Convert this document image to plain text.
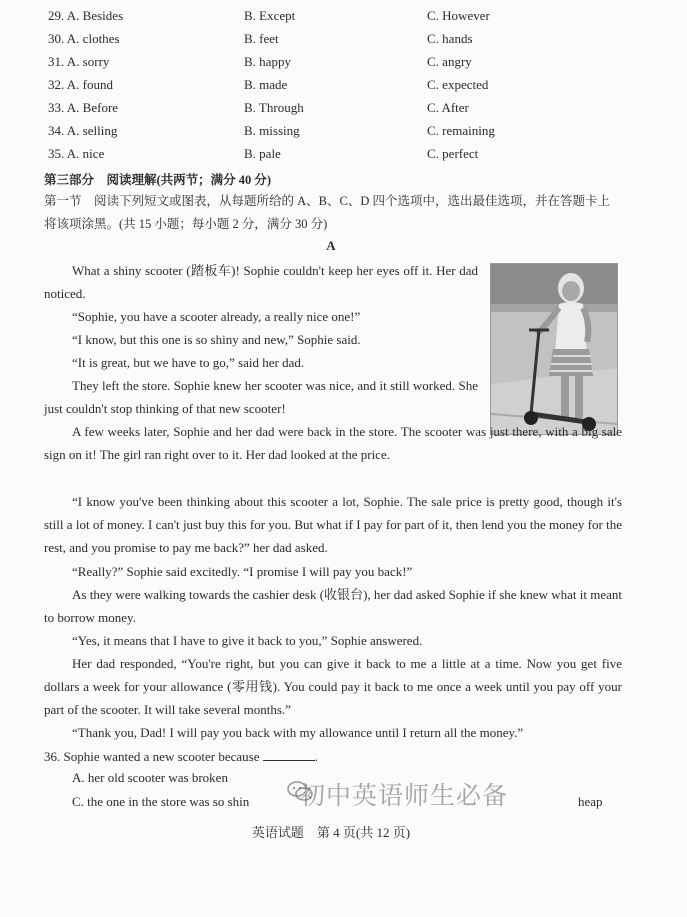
29. A. Besides	B. Except	C. However
30. A. clothes	B. feet	C. hands
31. A. sorry	B. happy	C. angry
32. A. found	B. made	C. expected
33. A. Before	B. Through	C. After
34. A. selling	B. missing	C. remaining
35. A. nice	B. pale	C. perfect
第三部分　阅读理解(共两节；满分 40 分)
第一节　阅读下列短文或图表，从每题所给的 A、B、C、D 四个选项中，选出最佳选项，并在答题卡上将该项涂黑。(共 15 小题；每小题 2 分，满分 30 分)
A
What a shiny scooter (踏板车)! Sophie couldn't keep her eyes off it. Her dad noticed.
“Sophie, you have a scooter already, a really nice one!”
“I know, but this one is so shiny and new,” Sophie said.
“It is great, but we have to go,” said her dad.
They left the store. Sophie knew her scooter was nice, and it still worked. She just couldn't stop thinking of that new scooter!
A few weeks later, Sophie and her dad were back in the store. The scooter was just there, with a big sale sign on it! The girl ran right over to it. Her dad looked at the price.
“I know you've been thinking about this scooter a lot, Sophie. The sale price is pretty good, though it's still a lot of money. I can't just buy this for you. But what if I pay for part of it, then lend you the money for the rest, and you promise to pay me back?” her dad asked.
“Really?” Sophie said excitedly. “I promise I will pay you back!”
As they were walking towards the cashier desk (收银台), her dad asked Sophie if she knew what it meant to borrow money.
“Yes, it means that I have to give it back to you,” Sophie answered.
Her dad responded, “You're right, but you can give it back to me a little at a time. Now you get five dollars a week for your allowance (零用钱). You could pay it back to me once a week until you pay off your part of the scooter. It will take several months.”
“Thank you, Dad! I will pay you back with my allowance until I return all the money.”
36. Sophie wanted a new scooter because	.
A. her old scooter was broken
C. the one in the store was so shin	heap
初中英语师生必备
英语试题　第 4 页(共 12 页)
